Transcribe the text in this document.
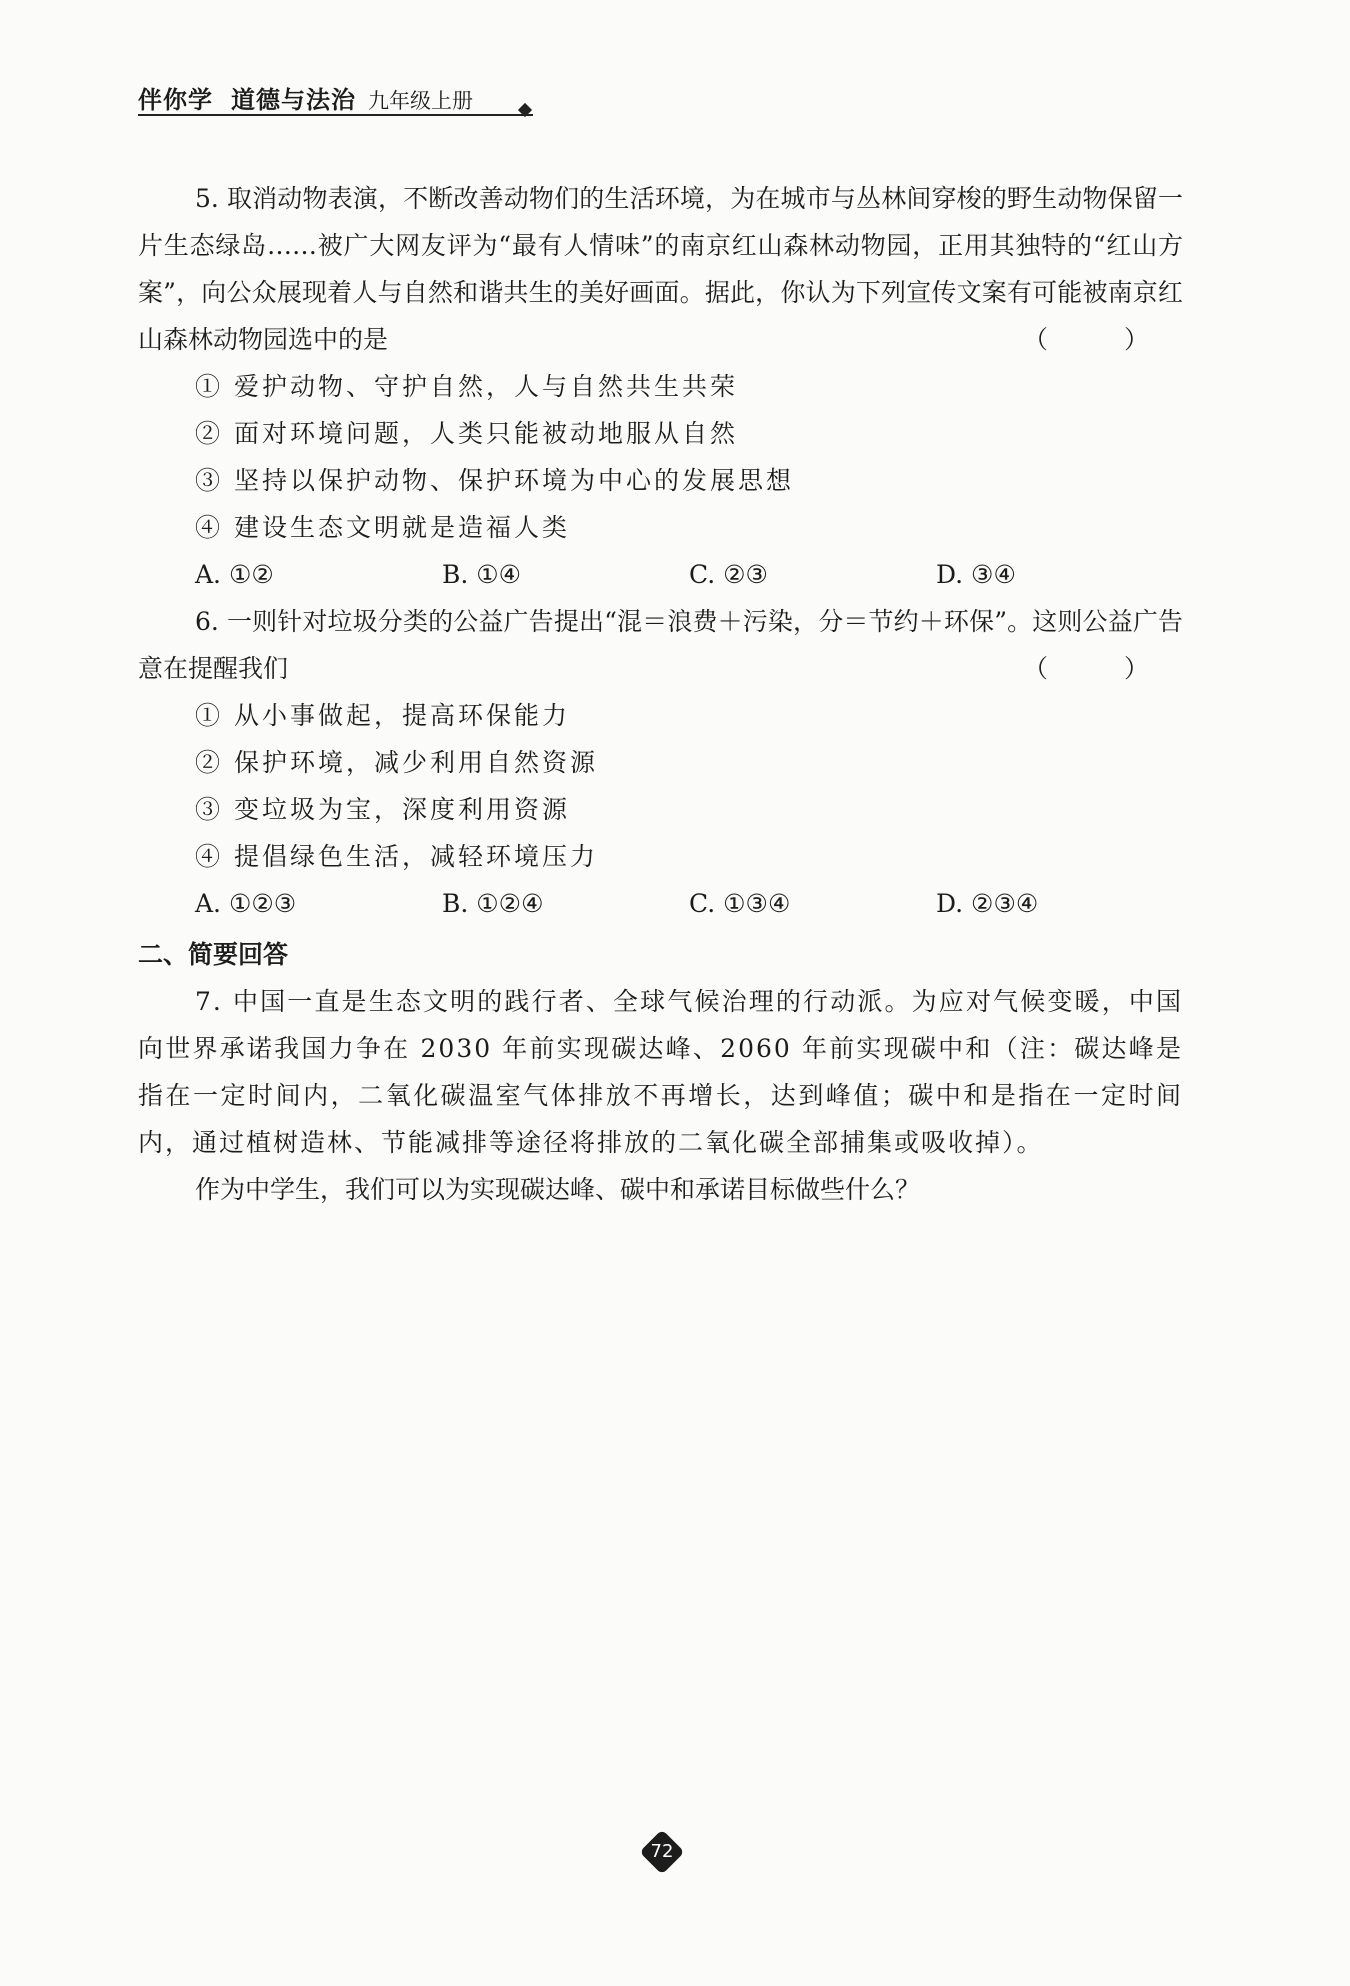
伴你学 道德与法治 九年级上册

5. 取消动物表演，不断改善动物们的生活环境，为在城市与丛林间穿梭的野生动物保留一片生态绿岛……被广大网友评为“最有人情味”的南京红山森林动物园，正用其独特的“红山方案”，向公众展现着人与自然和谐共生的美好画面。据此，你认为下列宣传文案有可能被南京红山森林动物园选中的是	（ ）

① 爱护动物、守护自然，人与自然共生共荣

② 面对环境问题，人类只能被动地服从自然

③ 坚持以保护动物、保护环境为中心的发展思想

④ 建设生态文明就是造福人类

A. ①②	B. ①④	C. ②③	D. ③④

6. 一则针对垃圾分类的公益广告提出“混＝浪费＋污染，分＝节约＋环保”。这则公益广告意在提醒我们	（ ）

① 从小事做起，提高环保能力

② 保护环境，减少利用自然资源

③ 变垃圾为宝，深度利用资源

④ 提倡绿色生活，减轻环境压力

A. ①②③	B. ①②④	C. ①③④	D. ②③④

二、简要回答

7. 中国一直是生态文明的践行者、全球气候治理的行动派。为应对气候变暖，中国向世界承诺我国力争在 2030 年前实现碳达峰、2060 年前实现碳中和（注：碳达峰是指在一定时间内，二氧化碳温室气体排放不再增长，达到峰值；碳中和是指在一定时间内，通过植树造林、节能减排等途径将排放的二氧化碳全部捕集或吸收掉）。

作为中学生，我们可以为实现碳达峰、碳中和承诺目标做些什么？

72
